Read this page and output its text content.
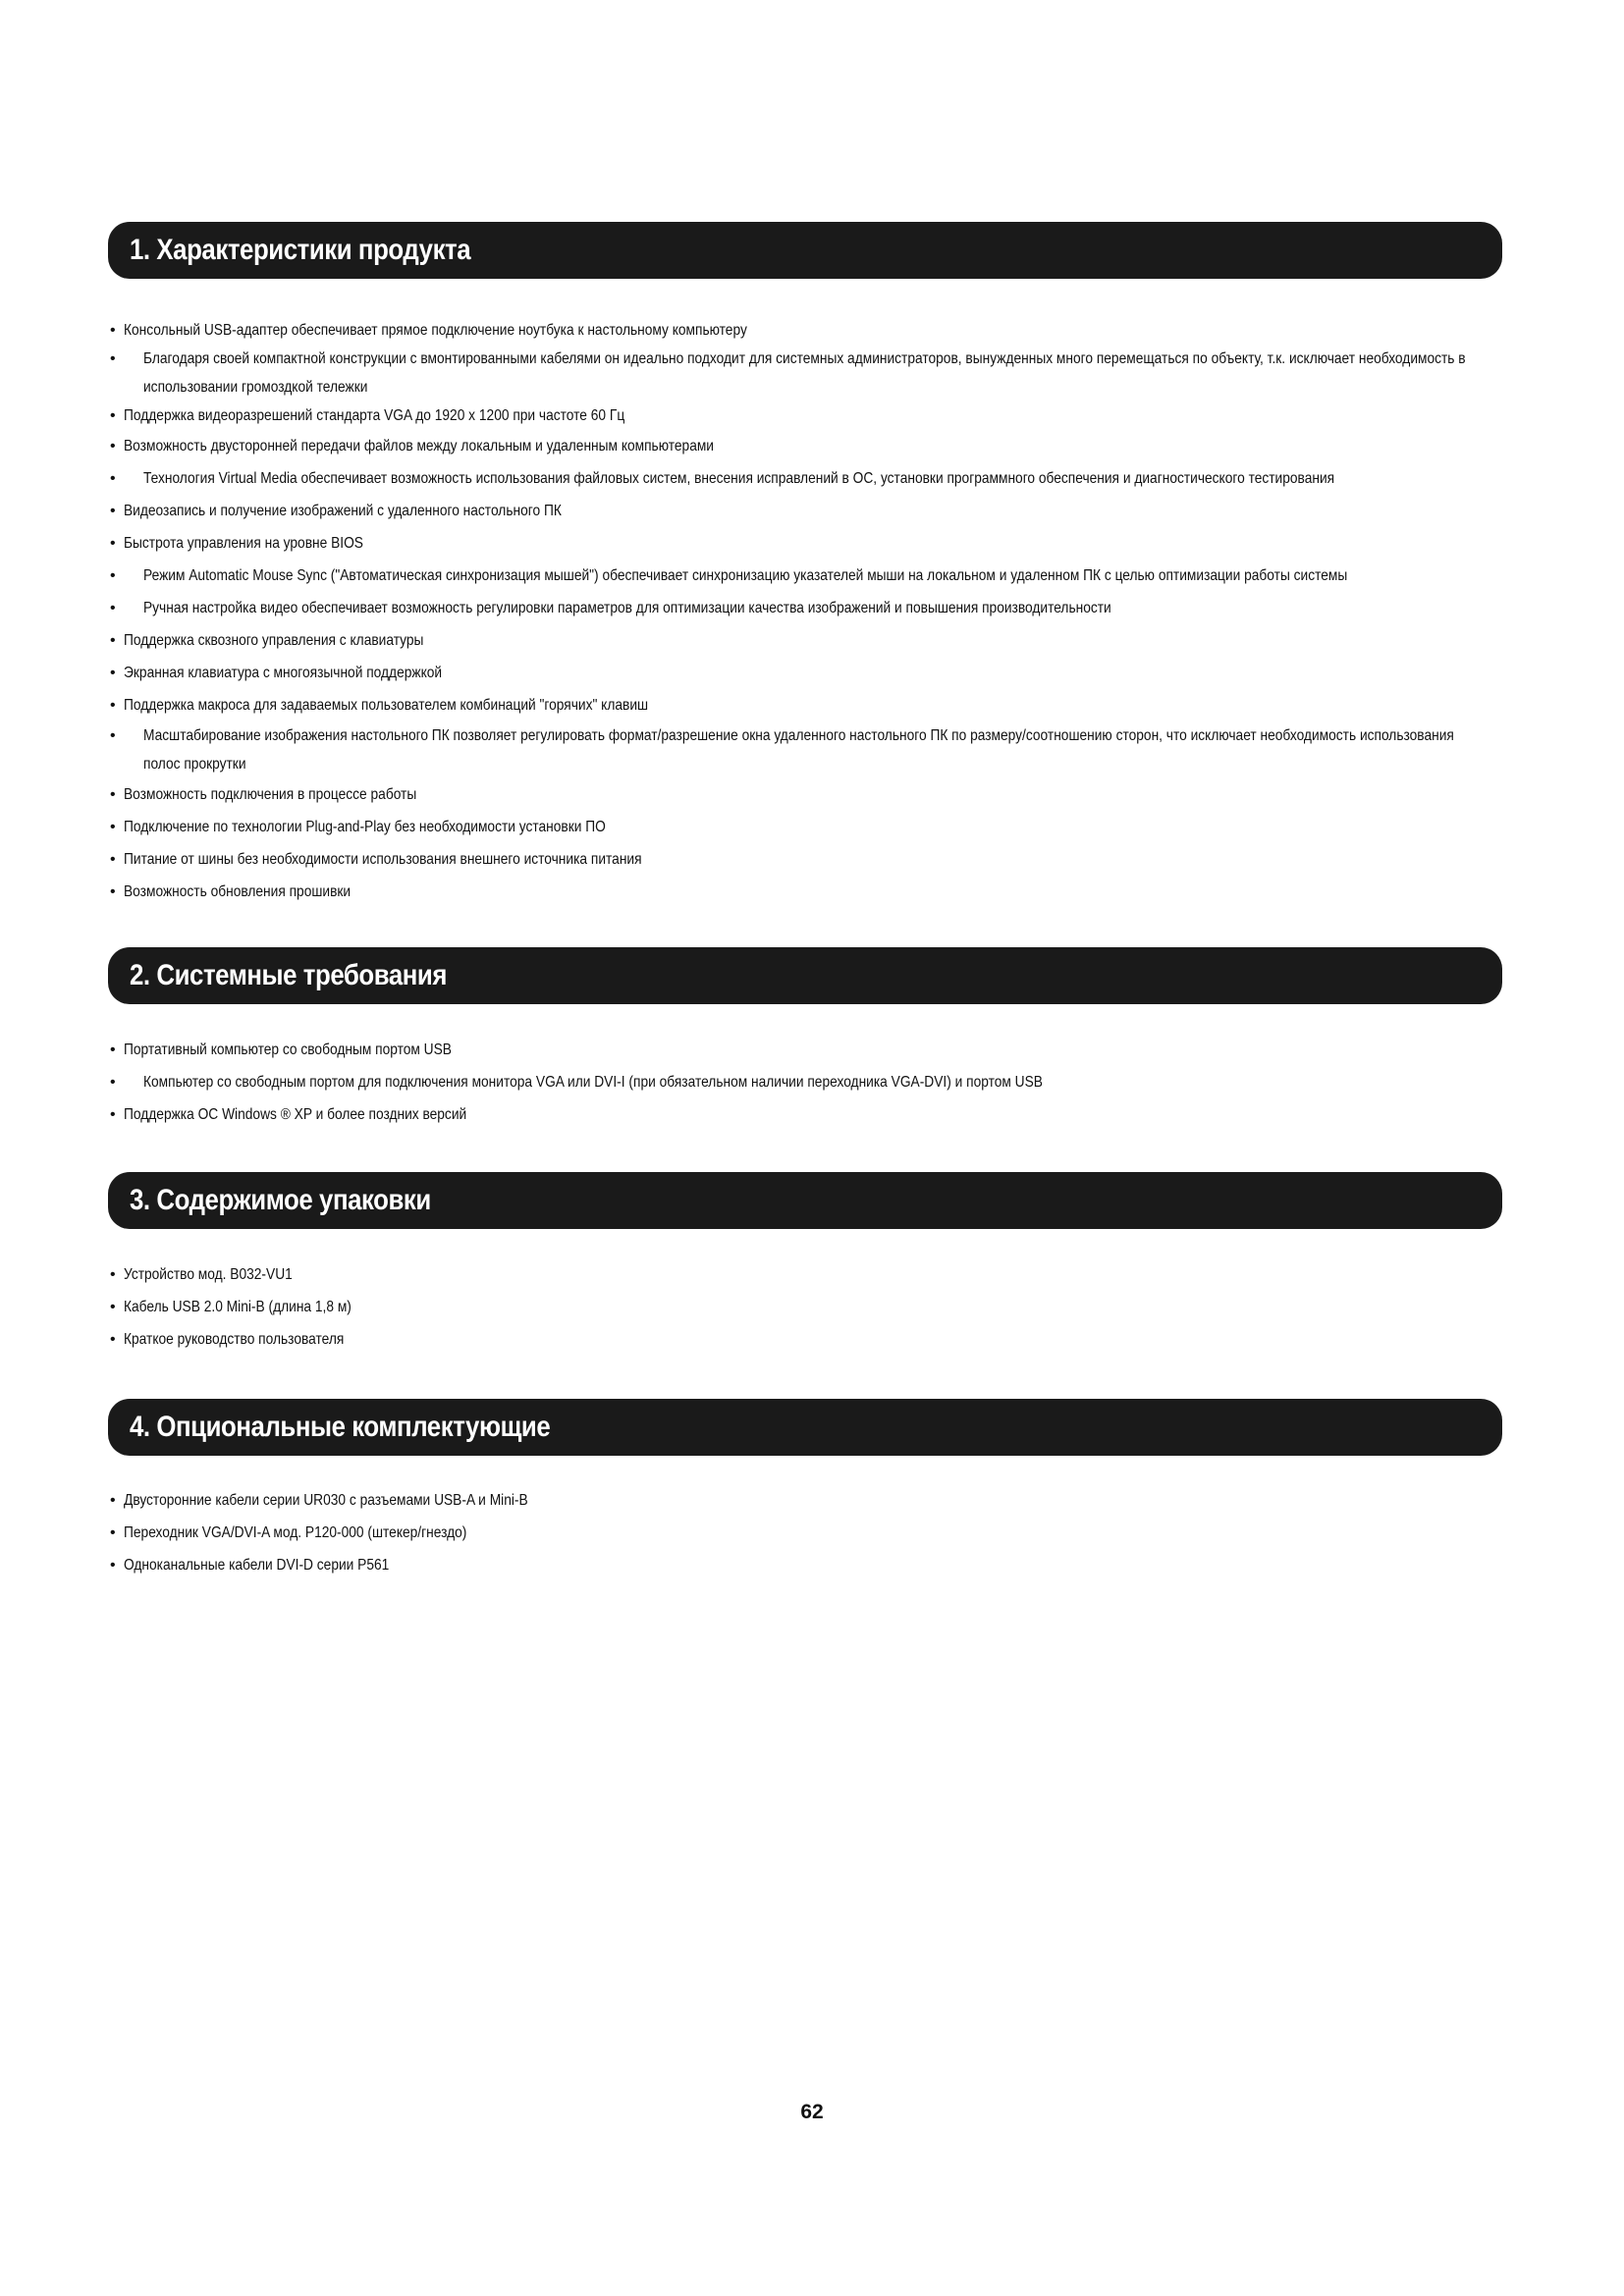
1. Характеристики продукта
• Консольный USB-адаптер обеспечивает прямое подключение ноутбука к настольному компьютеру
• Благодаря своей компактной конструкции с вмонтированными кабелями он идеально подходит для системных администраторов, вынужденных много перемещаться по объекту, т.к. исключает необходимость в использовании громоздкой тележки
• Поддержка видеоразрешений стандарта VGA до 1920 x 1200 при частоте 60 Гц
• Возможность двусторонней передачи файлов между локальным и удаленным компьютерами
• Технология Virtual Media обеспечивает возможность использования файловых систем, внесения исправлений в ОС, установки программного обеспечения и диагностического тестирования
• Видеозапись и получение изображений с удаленного настольного ПК
• Быстрота управления на уровне BIOS
• Режим Automatic Mouse Sync ("Автоматическая синхронизация мышей") обеспечивает синхронизацию указателей мыши на локальном и удаленном ПК с целью оптимизации работы системы
• Ручная настройка видео обеспечивает возможность регулировки параметров для оптимизации качества изображений и повышения производительности
• Поддержка сквозного управления с клавиатуры
• Экранная клавиатура с многоязычной поддержкой
• Поддержка макроса для задаваемых пользователем комбинаций "горячих" клавиш
• Масштабирование изображения настольного ПК позволяет регулировать формат/разрешение окна удаленного настольного ПК по размеру/соотношению сторон, что исключает необходимость использования полос прокрутки
• Возможность подключения в процессе работы
• Подключение по технологии Plug-and-Play без необходимости установки ПО
• Питание от шины без необходимости использования внешнего источника питания
• Возможность обновления прошивки
2. Системные требования
• Портативный компьютер со свободным портом USB
• Компьютер со свободным портом для подключения монитора VGA или DVI-I (при обязательном наличии переходника VGA-DVI) и портом USB
• Поддержка ОС Windows ® XP и более поздних версий
3. Содержимое упаковки
• Устройство мод. B032-VU1
• Кабель USB 2.0 Mini-B (длина 1,8 м)
• Краткое руководство пользователя
4. Опциональные комплектующие
• Двусторонние кабели серии UR030 с разъемами USB-A и Mini-B
• Переходник VGA/DVI-A мод. P120-000 (штекер/гнездо)
• Одноканальные кабели DVI-D серии P561
62
